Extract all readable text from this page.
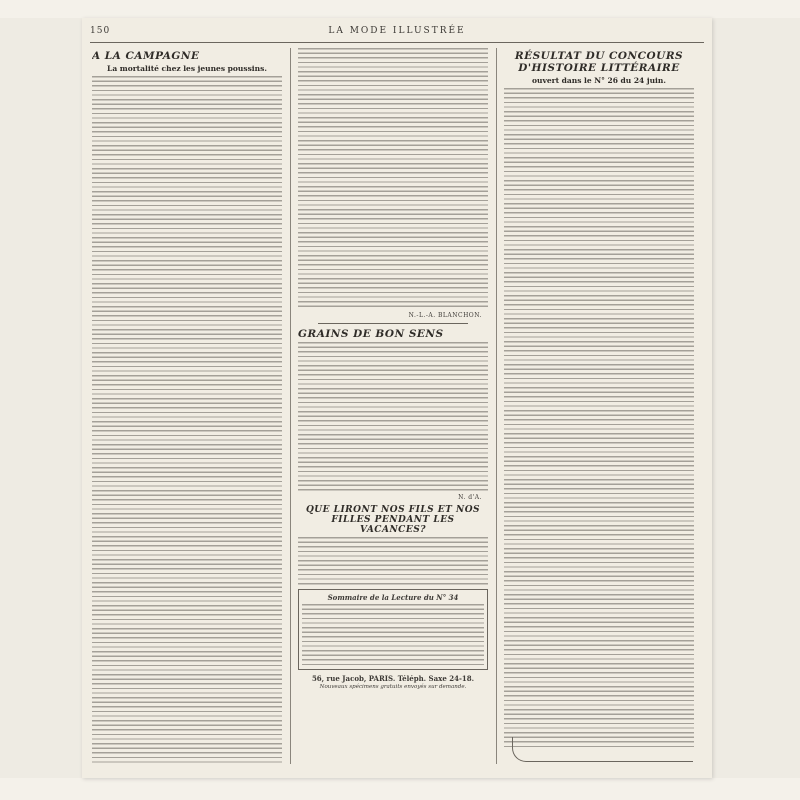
150	LA MODE ILLUSTRÉE
A LA CAMPAGNE
La mortalité chez les jeunes poussins.
N.-L.-A. BLANCHON.
GRAINS DE BON SENS
N. d'A.
QUE LIRONT NOS FILS ET NOS FILLES PENDANT LES VACANCES?
Sommaire de la Lecture du N° 34
56, rue Jacob, PARIS. Téléph. Saxe 24-18.
Nouveaux spécimens gratuits envoyés sur demande.
RÉSULTAT DU CONCOURS D'HISTOIRE LITTÉRAIRE
ouvert dans le N° 26 du 24 juin.
